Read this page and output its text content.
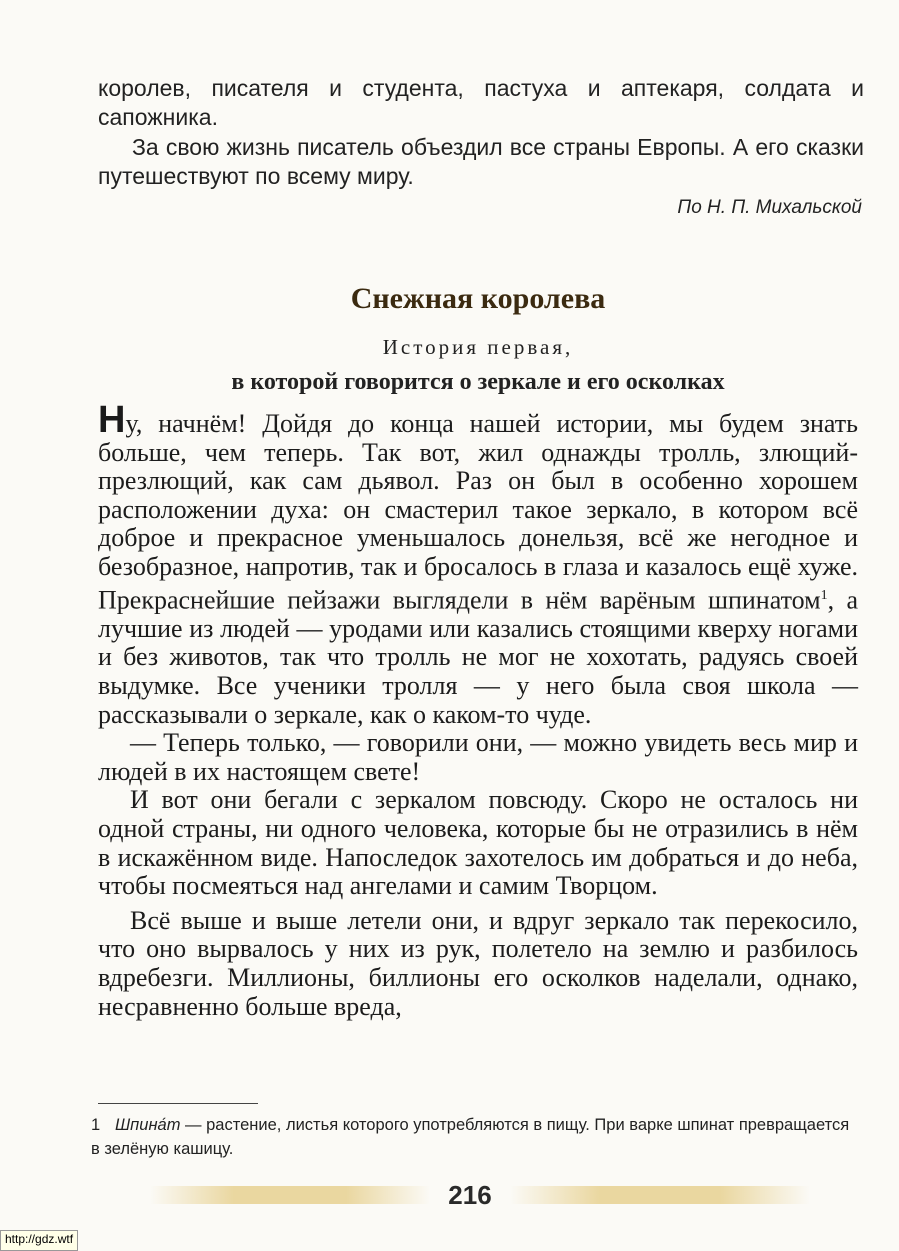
королев, писателя и студента, пастуха и аптекаря, солдата и сапожника.
За свою жизнь писатель объездил все страны Европы. А его сказки путешествуют по всему миру.
По Н. П. Михальской
Снежная королева
История первая,
в которой говорится о зеркале и его осколках

Ну, начнём! Дойдя до конца нашей истории, мы будем знать больше, чем теперь. Так вот, жил однажды тролль, злющий-презлющий, как сам дьявол. Раз он был в особенно хорошем расположении духа: он смастерил такое зеркало, в котором всё доброе и прекрасное уменьшалось донельзя, всё же негодное и безобразное, напротив, так и бросалось в глаза и казалось ещё хуже. Прекраснейшие пейзажи выглядели в нём варёным шпинатом$^1$, а лучшие из людей — уродами или казались стоящими кверху ногами и без животов, так что тролль не мог не хохотать, радуясь своей выдумке. Все ученики тролля — у него была своя школа — рассказывали о зеркале, как о каком-то чуде.

— Теперь только, — говорили они, — можно увидеть весь мир и людей в их настоящем свете!

И вот они бегали с зеркалом повсюду. Скоро не осталось ни одной страны, ни одного человека, которые бы не отразились в нём в искажённом виде. Напоследок захотелось им добраться и до неба, чтобы посмеяться над ангелами и самим Творцом.

Всё выше и выше летели они, и вдруг зеркало так перекосило, что оно вырвалось у них из рук, полетело на землю и разбилось вдребезги. Миллионы, биллионы его осколков наделали, однако, несравненно больше вреда,

1 Шпина́т — растение, листья которого употребляются в пищу. При варке шпинат превращается в зелёную кашицу.
216
http://gdz.wtf
